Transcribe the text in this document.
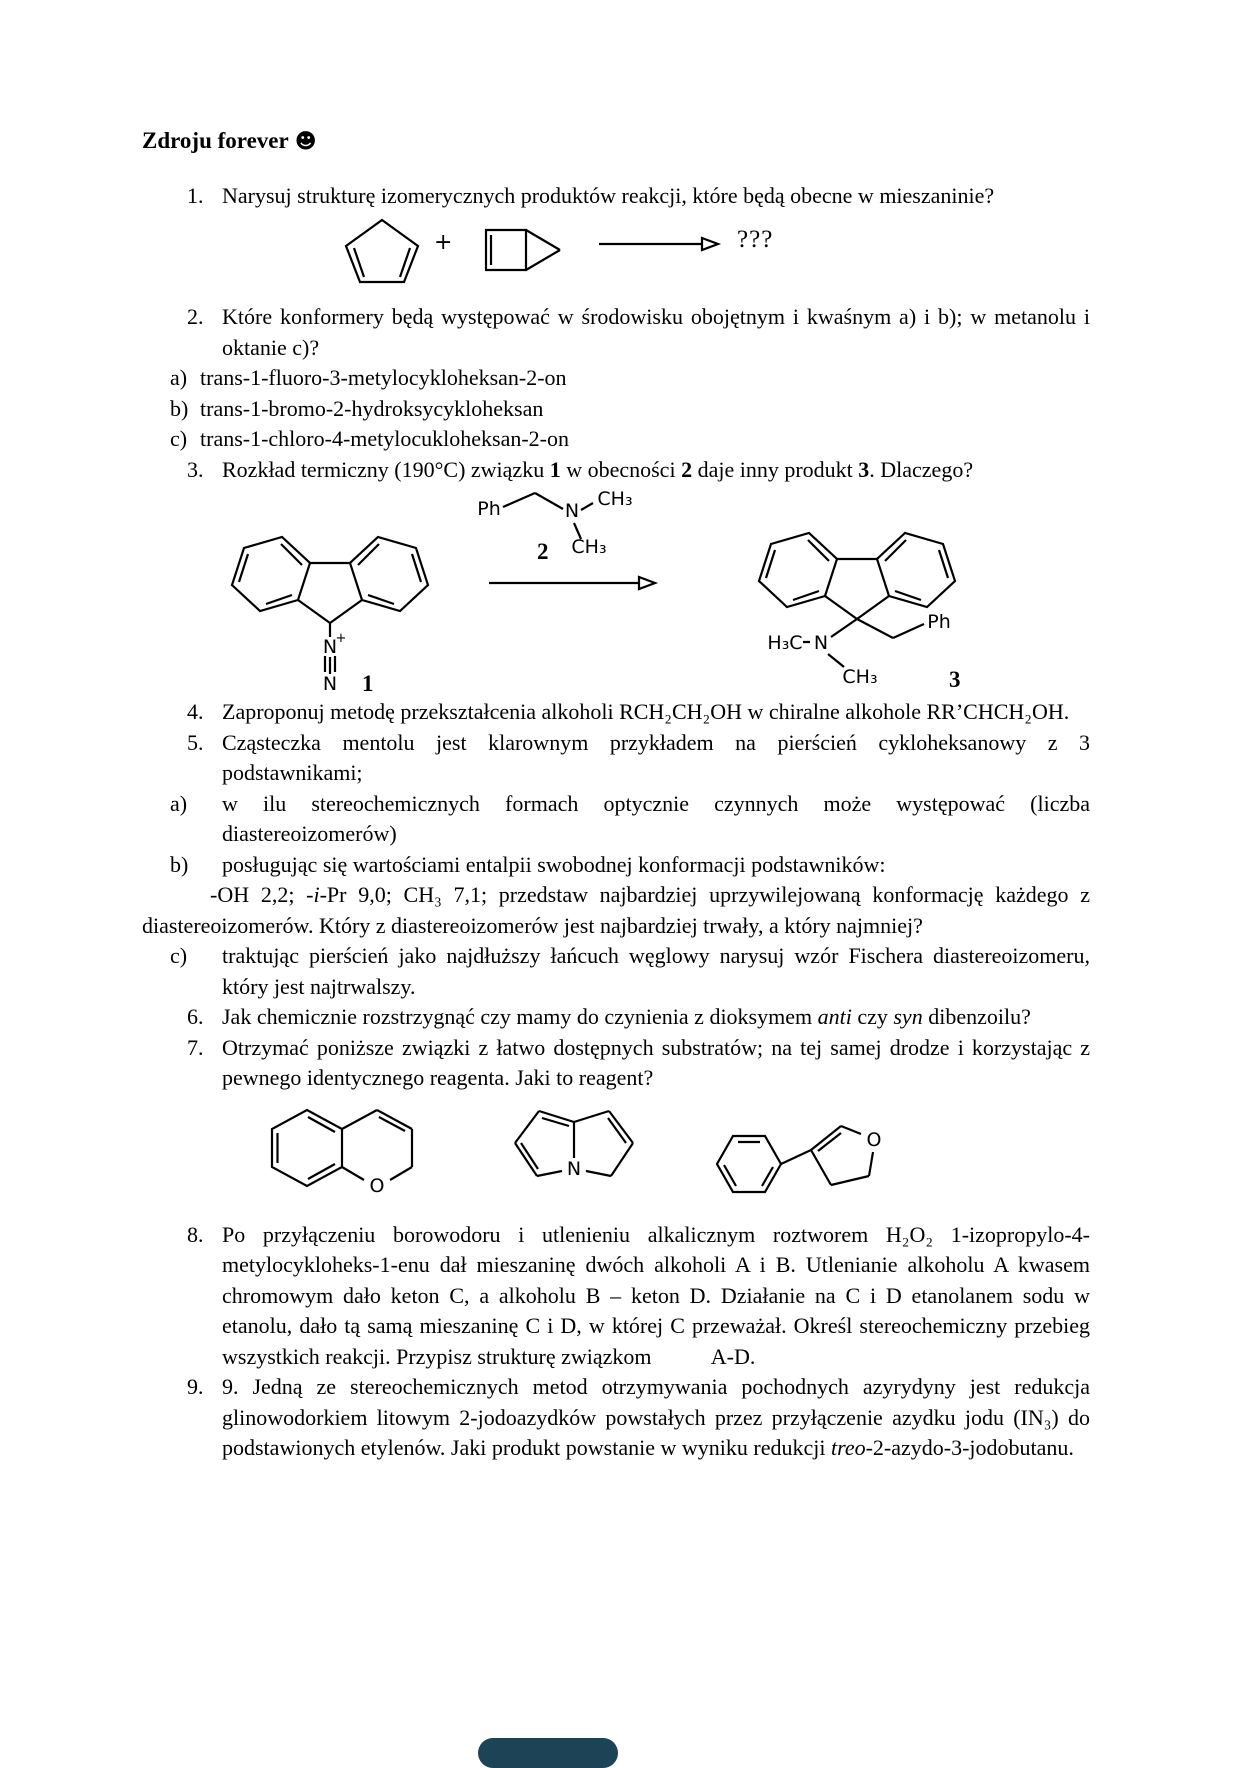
Zdroju forever ☻
1. Narysuj strukturę izomerycznych produktów reakcji, które będą obecne w mieszaninie?
+	???
2. Które konformery będą występować w środowisku obojętnym i kwaśnym a) i b); w metanolu i oktanie c)?
a) trans-1-fluoro-3-metylocykloheksan-2-on
b) trans-1-bromo-2-hydroksycykloheksan
c) trans-1-chloro-4-metylocukloheksan-2-on
3. Rozkład termiczny (190°C) związku 1 w obecności 2 daje inny produkt 3. Dlaczego?
N
+
N 1
Ph	N
CH₃
CH₃
2
H₃C N
CH₃
Ph
3
4. Zaproponuj metodę przekształcenia alkoholi RCH₂CH₂OH w chiralne alkohole RR’CHCH₂OH.
5. Cząsteczka mentolu jest klarownym przykładem na pierścień cykloheksanowy z 3 podstawnikami;
a)	w ilu stereochemicznych formach optycznie czynnych może występować (liczba diastereoizomerów)
b)	posługując się wartościami entalpii swobodnej konformacji podstawników:
-OH 2,2; -i-Pr 9,0; CH₃ 7,1; przedstaw najbardziej uprzywilejowaną konformację każdego z diastereoizomerów. Który z diastereoizomerów jest najbardziej trwały, a który najmniej?
c)	traktując pierścień jako najdłuższy łańcuch węglowy narysuj wzór Fischera diastereoizomeru, który jest najtrwalszy.
6. Jak chemicznie rozstrzygnąć czy mamy do czynienia z dioksymem anti czy syn dibenzoilu?
7. Otrzymać poniższe związki z łatwo dostępnych substratów; na tej samej drodze i korzystając z pewnego identycznego reagenta. Jaki to reagent?
O
N
O
8. Po przyłączeniu borowodoru i utlenieniu alkalicznym roztworem H₂O₂ 1-izopropylo-4-metylocykloheks-1-enu dał mieszaninę dwóch alkoholi A i B. Utlenianie alkoholu A kwasem chromowym dało keton C, a alkoholu B – keton D. Działanie na C i D etanolanem sodu w etanolu, dało tą samą mieszaninę C i D, w której C przeważał. Określ stereochemiczny przebieg wszystkich reakcji. Przypisz strukturę związkom           A-D.
9. 9. Jedną ze stereochemicznych metod otrzymywania pochodnych azyrydyny jest redukcja glinowodorkiem litowym 2-jodoazydków powstałych przez przyłączenie azydku jodu (IN₃) do podstawionych etylenów. Jaki produkt powstanie w wyniku redukcji treo-2-azydo-3-jodobutanu.
